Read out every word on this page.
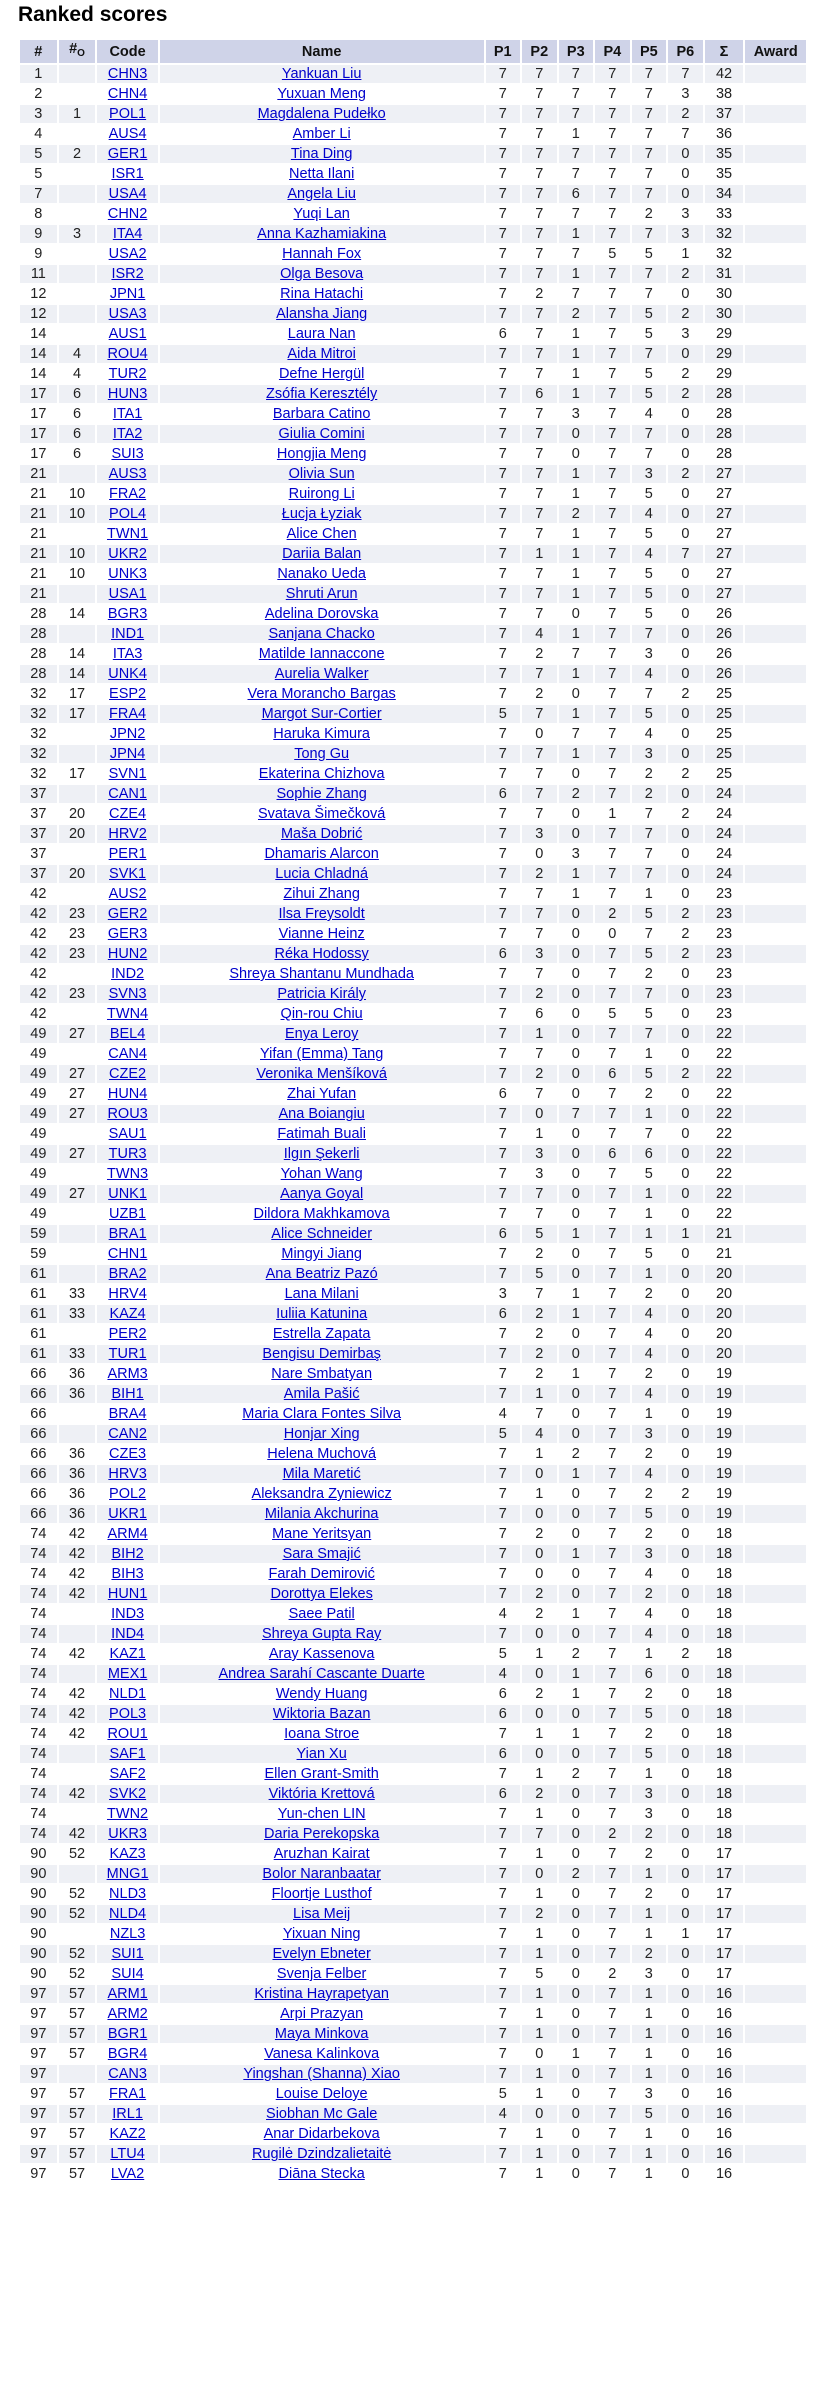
Ranked scores
#	$\#_O$	Code	Name	P1	P2	P3	P4	P5	P6	Σ	Award
1		CHN3	Yankuan Liu	7	7	7	7	7	7	42	
2		CHN4	Yuxuan Meng	7	7	7	7	7	3	38	
3	1	POL1	Magdalena Pudełko	7	7	7	7	7	2	37	
4		AUS4	Amber Li	7	7	1	7	7	7	36	
5	2	GER1	Tina Ding	7	7	7	7	7	0	35	
5		ISR1	Netta Ilani	7	7	7	7	7	0	35	
7		USA4	Angela Liu	7	7	6	7	7	0	34	
8		CHN2	Yuqi Lan	7	7	7	7	2	3	33	
9	3	ITA4	Anna Kazhamiakina	7	7	1	7	7	3	32	
9		USA2	Hannah Fox	7	7	7	5	5	1	32	
11		ISR2	Olga Besova	7	7	1	7	7	2	31	
12		JPN1	Rina Hatachi	7	2	7	7	7	0	30	
12		USA3	Alansha Jiang	7	7	2	7	5	2	30	
14		AUS1	Laura Nan	6	7	1	7	5	3	29	
14	4	ROU4	Aida Mitroi	7	7	1	7	7	0	29	
14	4	TUR2	Defne Hergül	7	7	1	7	5	2	29	
17	6	HUN3	Zsófia Keresztély	7	6	1	7	5	2	28	
17	6	ITA1	Barbara Catino	7	7	3	7	4	0	28	
17	6	ITA2	Giulia Comini	7	7	0	7	7	0	28	
17	6	SUI3	Hongjia Meng	7	7	0	7	7	0	28	
21		AUS3	Olivia Sun	7	7	1	7	3	2	27	
21	10	FRA2	Ruirong Li	7	7	1	7	5	0	27	
21	10	POL4	Łucja Łyziak	7	7	2	7	4	0	27	
21		TWN1	Alice Chen	7	7	1	7	5	0	27	
21	10	UKR2	Dariia Balan	7	1	1	7	4	7	27	
21	10	UNK3	Nanako Ueda	7	7	1	7	5	0	27	
21		USA1	Shruti Arun	7	7	1	7	5	0	27	
28	14	BGR3	Adelina Dorovska	7	7	0	7	5	0	26	
28		IND1	Sanjana Chacko	7	4	1	7	7	0	26	
28	14	ITA3	Matilde Iannaccone	7	2	7	7	3	0	26	
28	14	UNK4	Aurelia Walker	7	7	1	7	4	0	26	
32	17	ESP2	Vera Morancho Bargas	7	2	0	7	7	2	25	
32	17	FRA4	Margot Sur-Cortier	5	7	1	7	5	0	25	
32		JPN2	Haruka Kimura	7	0	7	7	4	0	25	
32		JPN4	Tong Gu	7	7	1	7	3	0	25	
32	17	SVN1	Ekaterina Chizhova	7	7	0	7	2	2	25	
37		CAN1	Sophie Zhang	6	7	2	7	2	0	24	
37	20	CZE4	Svatava Šimečková	7	7	0	1	7	2	24	
37	20	HRV2	Maša Dobrić	7	3	0	7	7	0	24	
37		PER1	Dhamaris Alarcon	7	0	3	7	7	0	24	
37	20	SVK1	Lucia Chladná	7	2	1	7	7	0	24	
42		AUS2	Zihui Zhang	7	7	1	7	1	0	23	
42	23	GER2	Ilsa Freysoldt	7	7	0	2	5	2	23	
42	23	GER3	Vianne Heinz	7	7	0	0	7	2	23	
42	23	HUN2	Réka Hodossy	6	3	0	7	5	2	23	
42		IND2	Shreya Shantanu Mundhada	7	7	0	7	2	0	23	
42	23	SVN3	Patricia Király	7	2	0	7	7	0	23	
42		TWN4	Qin-rou Chiu	7	6	0	5	5	0	23	
49	27	BEL4	Enya Leroy	7	1	0	7	7	0	22	
49		CAN4	Yifan (Emma) Tang	7	7	0	7	1	0	22	
49	27	CZE2	Veronika Menšíková	7	2	0	6	5	2	22	
49	27	HUN4	Zhai Yufan	6	7	0	7	2	0	22	
49	27	ROU3	Ana Boiangiu	7	0	7	7	1	0	22	
49		SAU1	Fatimah Buali	7	1	0	7	7	0	22	
49	27	TUR3	Ilgın Şekerli	7	3	0	6	6	0	22	
49		TWN3	Yohan Wang	7	3	0	7	5	0	22	
49	27	UNK1	Aanya Goyal	7	7	0	7	1	0	22	
49		UZB1	Dildora Makhkamova	7	7	0	7	1	0	22	
59		BRA1	Alice Schneider	6	5	1	7	1	1	21	
59		CHN1	Mingyi Jiang	7	2	0	7	5	0	21	
61		BRA2	Ana Beatriz Pazó	7	5	0	7	1	0	20	
61	33	HRV4	Lana Milani	3	7	1	7	2	0	20	
61	33	KAZ4	Iuliia Katunina	6	2	1	7	4	0	20	
61		PER2	Estrella Zapata	7	2	0	7	4	0	20	
61	33	TUR1	Bengisu Demirbaş	7	2	0	7	4	0	20	
66	36	ARM3	Nare Smbatyan	7	2	1	7	2	0	19	
66	36	BIH1	Amila Pašić	7	1	0	7	4	0	19	
66		BRA4	Maria Clara Fontes Silva	4	7	0	7	1	0	19	
66		CAN2	Honjar Xing	5	4	0	7	3	0	19	
66	36	CZE3	Helena Muchová	7	1	2	7	2	0	19	
66	36	HRV3	Mila Maretić	7	0	1	7	4	0	19	
66	36	POL2	Aleksandra Zyniewicz	7	1	0	7	2	2	19	
66	36	UKR1	Milania Akchurina	7	0	0	7	5	0	19	
74	42	ARM4	Mane Yeritsyan	7	2	0	7	2	0	18	
74	42	BIH2	Sara Smajić	7	0	1	7	3	0	18	
74	42	BIH3	Farah Demirović	7	0	0	7	4	0	18	
74	42	HUN1	Dorottya Elekes	7	2	0	7	2	0	18	
74		IND3	Saee Patil	4	2	1	7	4	0	18	
74		IND4	Shreya Gupta Ray	7	0	0	7	4	0	18	
74	42	KAZ1	Aray Kassenova	5	1	2	7	1	2	18	
74		MEX1	Andrea Sarahí Cascante Duarte	4	0	1	7	6	0	18	
74	42	NLD1	Wendy Huang	6	2	1	7	2	0	18	
74	42	POL3	Wiktoria Bazan	6	0	0	7	5	0	18	
74	42	ROU1	Ioana Stroe	7	1	1	7	2	0	18	
74		SAF1	Yian Xu	6	0	0	7	5	0	18	
74		SAF2	Ellen Grant-Smith	7	1	2	7	1	0	18	
74	42	SVK2	Viktória Krettová	6	2	0	7	3	0	18	
74		TWN2	Yun-chen LIN	7	1	0	7	3	0	18	
74	42	UKR3	Daria Perekopska	7	7	0	2	2	0	18	
90	52	KAZ3	Aruzhan Kairat	7	1	0	7	2	0	17	
90		MNG1	Bolor Naranbaatar	7	0	2	7	1	0	17	
90	52	NLD3	Floortje Lusthof	7	1	0	7	2	0	17	
90	52	NLD4	Lisa Meij	7	2	0	7	1	0	17	
90		NZL3	Yixuan Ning	7	1	0	7	1	1	17	
90	52	SUI1	Evelyn Ebneter	7	1	0	7	2	0	17	
90	52	SUI4	Svenja Felber	7	5	0	2	3	0	17	
97	57	ARM1	Kristina Hayrapetyan	7	1	0	7	1	0	16	
97	57	ARM2	Arpi Prazyan	7	1	0	7	1	0	16	
97	57	BGR1	Maya Minkova	7	1	0	7	1	0	16	
97	57	BGR4	Vanesa Kalinkova	7	0	1	7	1	0	16	
97		CAN3	Yingshan (Shanna) Xiao	7	1	0	7	1	0	16	
97	57	FRA1	Louise Deloye	5	1	0	7	3	0	16	
97	57	IRL1	Siobhan Mc Gale	4	0	0	7	5	0	16	
97	57	KAZ2	Anar Didarbekova	7	1	0	7	1	0	16	
97	57	LTU4	Rugilė Dzindzalietaitė	7	1	0	7	1	0	16	
97	57	LVA2	Diāna Stecka	7	1	0	7	1	0	16	
